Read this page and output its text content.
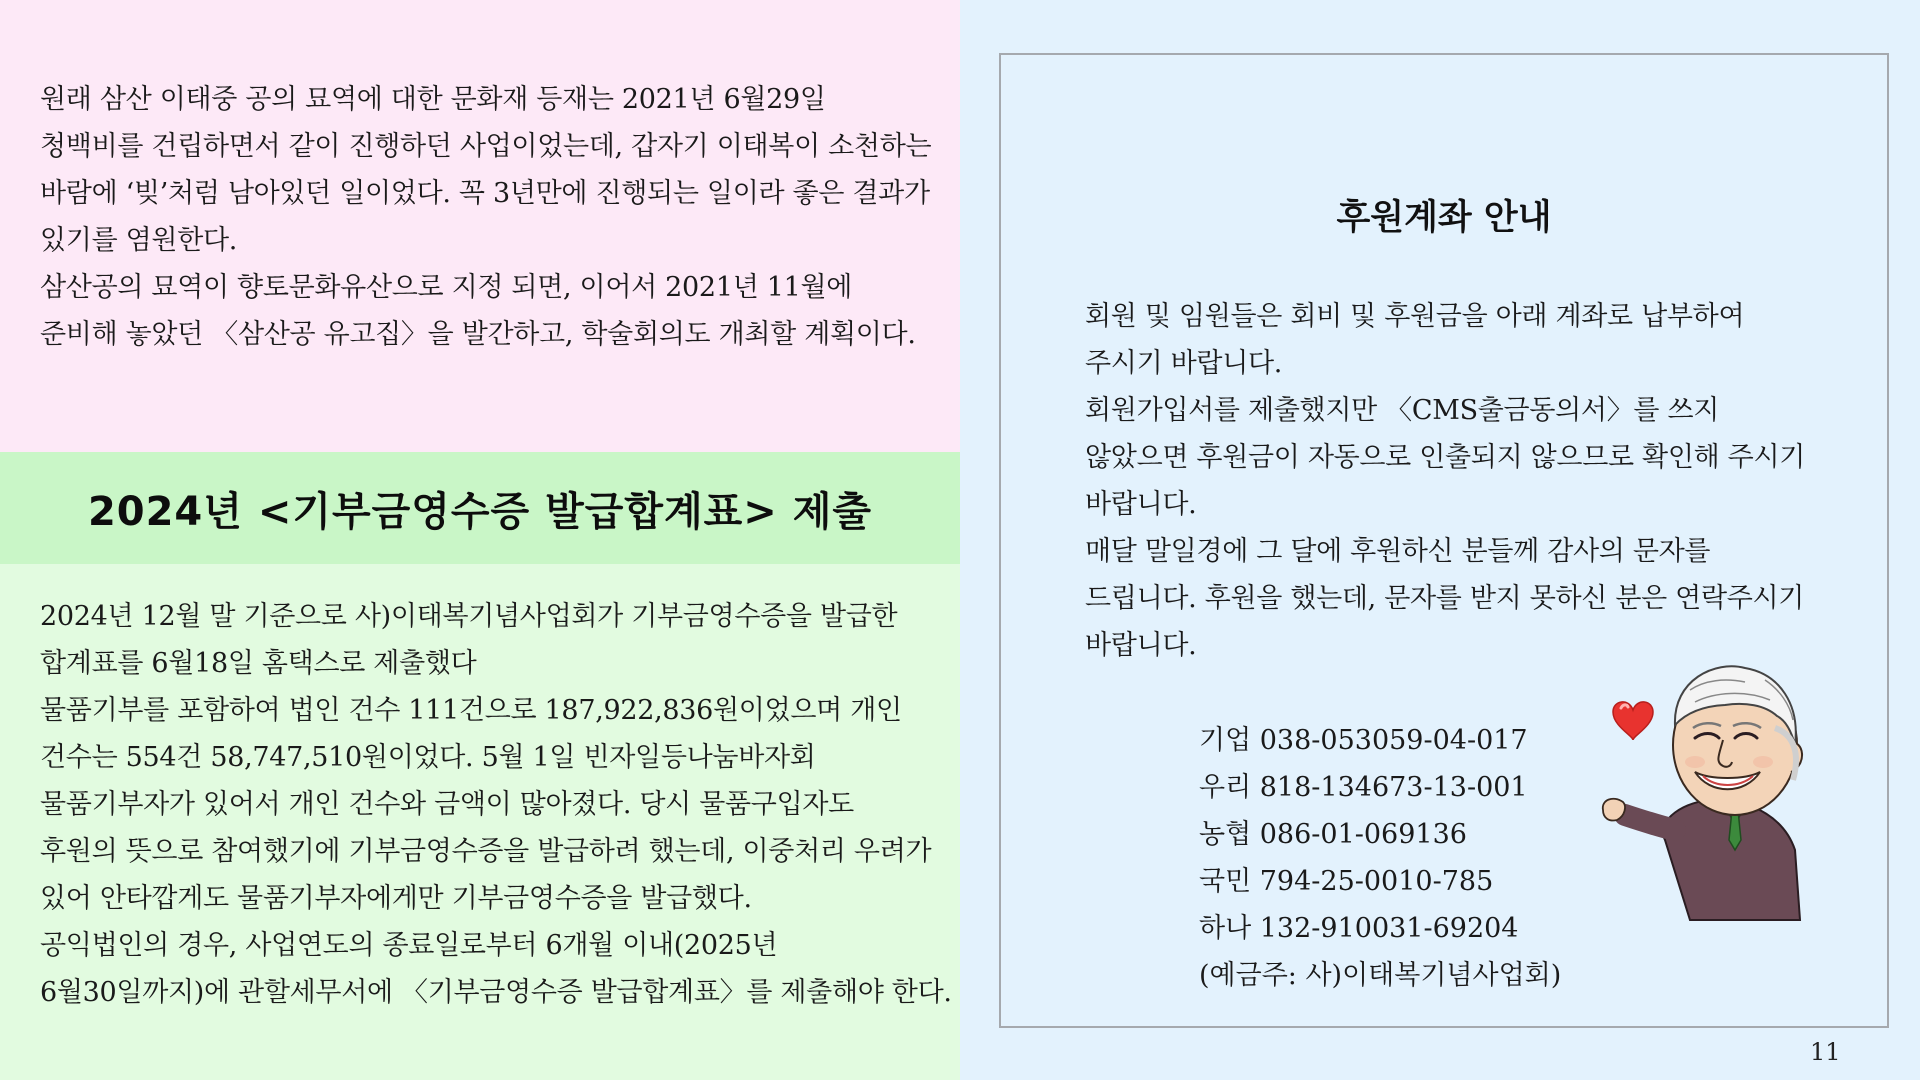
원래 삼산 이태중 공의 묘역에 대한 문화재 등재는 2021년 6월29일

청백비를 건립하면서 같이 진행하던 사업이었는데, 갑자기 이태복이 소천하는

바람에 ‘빚’처럼 남아있던 일이었다. 꼭 3년만에 진행되는 일이라 좋은 결과가

있기를 염원한다.

삼산공의 묘역이 향토문화유산으로 지정 되면, 이어서 2021년 11월에

준비해 놓았던 〈삼산공 유고집〉을 발간하고, 학술회의도 개최할 계획이다.

2024년 <기부금영수증 발급합계표> 제출

2024년 12월 말 기준으로 사)이태복기념사업회가 기부금영수증을 발급한

합계표를 6월18일 홈택스로 제출했다

물품기부를 포함하여 법인 건수 111건으로 187,922,836원이었으며 개인

건수는 554건 58,747,510원이었다. 5월 1일 빈자일등나눔바자회

물품기부자가 있어서 개인 건수와 금액이 많아졌다. 당시 물품구입자도

후원의 뜻으로 참여했기에 기부금영수증을 발급하려 했는데, 이중처리 우려가

있어 안타깝게도 물품기부자에게만 기부금영수증을 발급했다.

공익법인의 경우, 사업연도의 종료일로부터 6개월 이내(2025년

6월30일까지)에 관할세무서에 〈기부금영수증 발급합계표〉를 제출해야 한다.

후원계좌 안내

회원 및 임원들은 회비 및 후원금을 아래 계좌로 납부하여

주시기 바랍니다.

회원가입서를 제출했지만 〈CMS출금동의서〉를 쓰지

않았으면 후원금이 자동으로 인출되지 않으므로 확인해 주시기

바랍니다.

매달 말일경에 그 달에 후원하신 분들께 감사의 문자를

드립니다. 후원을 했는데, 문자를 받지 못하신 분은 연락주시기

바랍니다.

기업 038-053059-04-017
우리 818-134673-13-001
농협 086-01-069136
국민 794-25-0010-785
하나 132-910031-69204
(예금주: 사)이태복기념사업회)
11
